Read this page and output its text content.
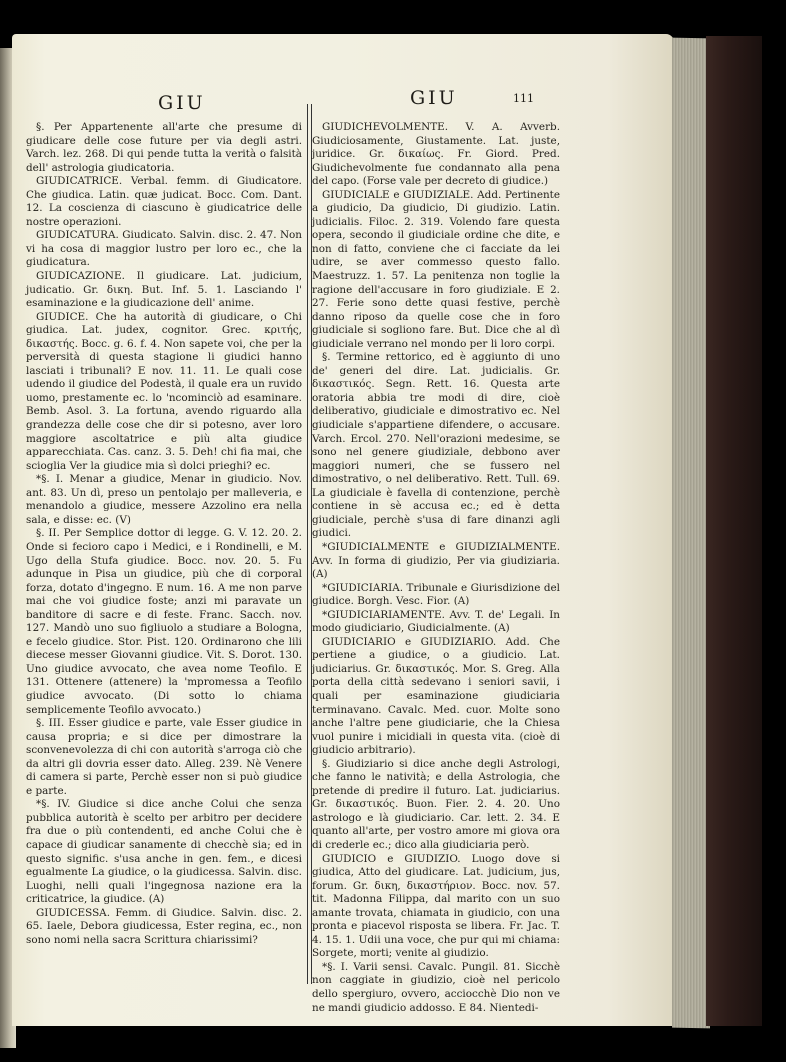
GIU	GIU	111

§. Per Appartenente all'arte che presume di giudicare delle cose future per via degli astri. Varch. lez. 268. Di qui pende tutta la verità o falsità dell' astrologia giudicatoria.

GIUDICATRICE. Verbal. femm. di Giudicatore. Che giudica. Latin. quæ judicat. Bocc. Com. Dant. 12. La coscienza di ciascuno è giudicatrice delle nostre operazioni.

GIUDICATURA. Giudicato. Salvin. disc. 2. 47. Non vi ha cosa di maggior lustro per loro ec., che la giudicatura.

GIUDICAZIONE. Il giudicare. Lat. judicium, judicatio. Gr. δικη. But. Inf. 5. 1. Lasciando l' esaminazione e la giudicazione dell' anime.

GIUDICE. Che ha autorità di giudicare, o Chi giudica. Lat. judex, cognitor. Grec. κριτής, δικαστής. Bocc. g. 6. f. 4. Non sapete voi, che per la perversità di questa stagione li giudici hanno lasciati i tribunali? E nov. 11. 11. Le quali cose udendo il giudice del Podestà, il quale era un ruvido uomo, prestamente ec. lo 'ncominciò ad esaminare. Bemb. Asol. 3. La fortuna, avendo riguardo alla grandezza delle cose che dir si potesno, aver loro maggiore ascoltatrice e più alta giudice apparecchiata. Cas. canz. 3. 5. Deh! chi fia mai, che scioglia Ver la giudice mia sì dolci prieghi? ec.

*§. I. Menar a giudice, Menar in giudicio. Nov. ant. 83. Un dì, preso un pentolajo per malleveria, e menandolo a giudice, messere Azzolino era nella sala, e disse: ec. (V)

§. II. Per Semplice dottor di legge. G. V. 12. 20. 2. Onde si fecioro capo i Medici, e i Rondinelli, e M. Ugo della Stufa giudice. Bocc. nov. 20. 5. Fu adunque in Pisa un giudice, più che di corporal forza, dotato d'ingegno. E num. 16. A me non parve mai che voi giudice foste; anzi mi paravate un banditore di sacre e di feste. Franc. Sacch. nov. 127. Mandò uno suo figliuolo a studiare a Bologna, e fecelo giudice. Stor. Pist. 120. Ordinarono che lili diecese messer Giovanni giudice. Vit. S. Dorot. 130. Uno giudice avvocato, che avea nome Teofilo. E 131. Ottenere (attenere) la 'mpromessa a Teofilo giudice avvocato. (Di sotto lo chiama semplicemente Teofilo avvocato.)

§. III. Esser giudice e parte, vale Esser giudice in causa propria; e si dice per dimostrare la sconvenevolezza di chi con autorità s'arroga ciò che da altri gli dovria esser dato. Alleg. 239. Nè Venere di camera si parte, Perchè esser non si può giudice e parte.

*§. IV. Giudice si dice anche Colui che senza pubblica autorità è scelto per arbitro per decidere fra due o più contendenti, ed anche Colui che è capace di giudicar sanamente di checchè sia; ed in questo signific. s'usa anche in gen. fem., e dicesi egualmente La giudice, o la giudicessa. Salvin. disc. Luoghi, nelli quali l'ingegnosa nazione era la criticatrice, la giudice. (A)

GIUDICESSA. Femm. di Giudice. Salvin. disc. 2. 65. Iaele, Debora giudicessa, Ester regina, ec., non sono nomi nella sacra Scrittura chiarissimi?

GIUDICHEVOLMENTE. V. A. Avverb. Giudiciosamente, Giustamente. Lat. juste, juridice. Gr. δικαίως. Fr. Giord. Pred. Giudichevolmente fue condannato alla pena del capo. (Forse vale per decreto di giudice.)

GIUDICIALE e GIUDIZIALE. Add. Pertinente a giudicio, Da giudicio, Di giudizio. Latin. judicialis. Filoc. 2. 319. Volendo fare questa opera, secondo il giudiciale ordine che dite, e non di fatto, conviene che ci facciate da lei udire, se aver commesso questo fallo. Maestruzz. 1. 57. La penitenza non toglie la ragione dell'accusare in foro giudiziale. E 2. 27. Ferie sono dette quasi festive, perchè danno riposo da quelle cose che in foro giudiciale si sogliono fare. But. Dice che al dì giudiciale verrano nel mondo per li loro corpi.

§. Termine rettorico, ed è aggiunto di uno de' generi del dire. Lat. judicialis. Gr. δικαστικός. Segn. Rett. 16. Questa arte oratoria abbia tre modi di dire, cioè deliberativo, giudiciale e dimostrativo ec. Nel giudiciale s'appartiene difendere, o accusare. Varch. Ercol. 270. Nell'orazioni medesime, se sono nel genere giudiziale, debbono aver maggiori numeri, che se fussero nel dimostrativo, o nel deliberativo. Rett. Tull. 69. La giudiciale è favella di contenzione, perchè contiene in sè accusa ec.; ed è detta giudiciale, perchè s'usa di fare dinanzi agli giudici.

*GIUDICIALMENTE e GIUDIZIALMENTE. Avv. In forma di giudizio, Per via giudiziaria. (A)

*GIUDICIARIA. Tribunale e Giurisdizione del giudice. Borgh. Vesc. Fior. (A)

*GIUDICIARIAMENTE. Avv. T. de' Legali. In modo giudiciario, Giudicialmente. (A)

GIUDICIARIO e GIUDIZIARIO. Add. Che pertiene a giudice, o a giudicio. Lat. judiciarius. Gr. δικαστικός. Mor. S. Greg. Alla porta della città sedevano i seniori savii, i quali per esaminazione giudiciaria terminavano. Cavalc. Med. cuor. Molte sono anche l'altre pene giudiciarie, che la Chiesa vuol punire i micidiali in questa vita. (cioè di giudicio arbitrario).

§. Giudiziario si dice anche degli Astrologi, che fanno le natività; e della Astrologia, che pretende di predire il futuro. Lat. judiciarius. Gr. δικαστικός. Buon. Fier. 2. 4. 20. Uno astrologo e là giudiciario. Car. lett. 2. 34. E quanto all'arte, per vostro amore mi giova ora di crederle ec.; dico alla giudiciaria però.

GIUDICIO e GIUDIZIO. Luogo dove si giudica, Atto del giudicare. Lat. judicium, jus, forum. Gr. δικη, δικαστήριον. Bocc. nov. 57. tit. Madonna Filippa, dal marito con un suo amante trovata, chiamata in giudicio, con una pronta e piacevol risposta se libera. Fr. Jac. T. 4. 15. 1. Udii una voce, che pur qui mi chiama: Sorgete, morti; venite al giudizio.

*§. I. Varii sensi. Cavalc. Pungil. 81. Sicchè non caggiate in giudizio, cioè nel pericolo dello spergiuro, ovvero, acciocchè Dio non ve ne mandi giudicio addosso. E 84. Nientedi-
